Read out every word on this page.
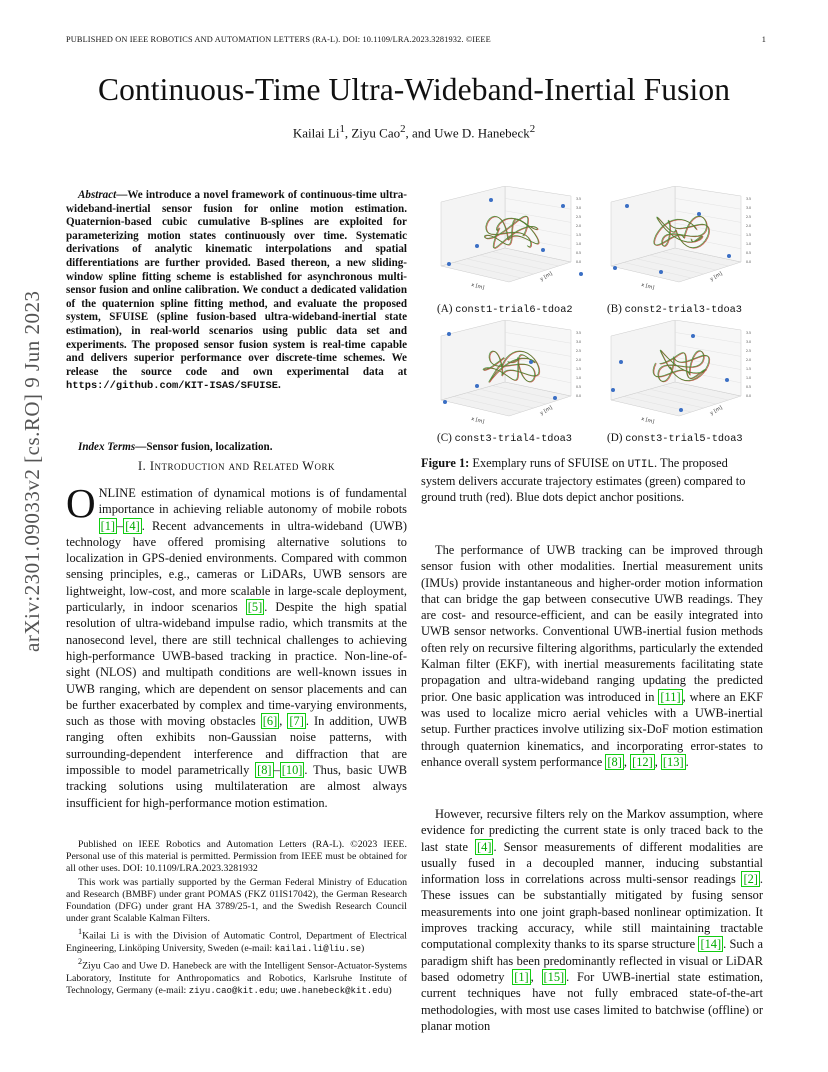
PUBLISHED ON IEEE ROBOTICS AND AUTOMATION LETTERS (RA-L). DOI: 10.1109/LRA.2023.3281932. ©IEEE	1
Continuous-Time Ultra-Wideband-Inertial Fusion
Kailai Li$^1$, Ziyu Cao$^2$, and Uwe D. Hanebeck$^2$
arXiv:2301.09033v2 [cs.RO] 9 Jun 2023
Abstract—We introduce a novel framework of continuous-time ultra-wideband-inertial sensor fusion for online motion estimation. Quaternion-based cubic cumulative B-splines are exploited for parameterizing motion states continuously over time. Systematic derivations of analytic kinematic interpolations and spatial differentiations are further provided. Based thereon, a new sliding-window spline fitting scheme is established for asynchronous multi-sensor fusion and online calibration. We conduct a dedicated validation of the quaternion spline fitting method, and evaluate the proposed system, SFUISE (spline fusion-based ultra-wideband-inertial state estimation), in real-world scenarios using public data set and experiments. The proposed sensor fusion system is real-time capable and delivers superior performance over discrete-time schemes. We release the source code and own experimental data at https://github.com/KIT-ISAS/SFUISE.
Index Terms—Sensor fusion, localization.
I. Introduction and Related Work
ONLINE estimation of dynamical motions is of fundamental importance in achieving reliable autonomy of mobile robots [1] – [4] . Recent advancements in ultra-wideband (UWB) technology have offered promising alternative solutions to localization in GPS-denied environments. Compared with common sensing principles, e.g., cameras or LiDARs, UWB sensors are lightweight, low-cost, and more scalable in large-scale deployment, particularly, in indoor scenarios [5] . Despite the high spatial resolution of ultra-wideband impulse radio, which transmits at the nanosecond level, there are still technical challenges to achieving high-performance UWB-based tracking in practice. Non-line-of-sight (NLOS) and multipath conditions are well-known issues in UWB ranging, which are dependent on sensor placements and can be further exacerbated by complex and time-varying environments, such as those with moving obstacles [6] , [7] . In addition, UWB ranging often exhibits non-Gaussian noise patterns, with surrounding-dependent interference and diffraction that are impossible to model parametrically [8] – [10] . Thus, basic UWB tracking solutions using multilateration are almost always insufficient for high-performance motion estimation.

Published on IEEE Robotics and Automation Letters (RA-L). ©2023 IEEE. Personal use of this material is permitted. Permission from IEEE must be obtained for all other uses. DOI: 10.1109/LRA.2023.3281932

This work was partially supported by the German Federal Ministry of Education and Research (BMBF) under grant POMAS (FKZ 01IS17042), the German Research Foundation (DFG) under grant HA 3789/25-1, and the Swedish Research Council under grant Scalable Kalman Filters.

$^1$Kailai Li is with the Division of Automatic Control, Department of Electrical Engineering, Linköping University, Sweden (e-mail: kailai.li@liu.se)

$^2$Ziyu Cao and Uwe D. Hanebeck are with the Intelligent Sensor-Actuator-Systems Laboratory, Institute for Anthropomatics and Robotics, Karlsruhe Institute of Technology, Germany (e-mail: ziyu.cao@kit.edu; uwe.hanebeck@kit.edu)

3.5
3.0
2.5
2.0
1.5
1.0
0.5
0.0
x [m]
y [m]
3.5
3.0
2.5
2.0
1.5
1.0
0.5
0.0
x [m]
y [m]
3.5
3.0
2.5
2.0
1.5
1.0
0.5
0.0
x [m]
y [m]
3.5
3.0
2.5
2.0
1.5
1.0
0.5
0.0
x [m]
y [m]
(A) const1-trial6-tdoa2	(B) const2-trial3-tdoa3
(C) const3-trial4-tdoa3	(D) const3-trial5-tdoa3
Figure 1: Exemplary runs of SFUISE on UTIL. The proposed system delivers accurate trajectory estimates (green) compared to ground truth (red). Blue dots depict anchor positions.
The performance of UWB tracking can be improved through sensor fusion with other modalities. Inertial measurement units (IMUs) provide instantaneous and higher-order motion information that can bridge the gap between consecutive UWB readings. They are cost- and resource-efficient, and can be easily integrated into UWB sensor networks. Conventional UWB-inertial fusion methods often rely on recursive filtering algorithms, particularly the extended Kalman filter (EKF), with inertial measurements facilitating state propagation and ultra-wideband ranging updating the predicted prior. One basic application was introduced in [11] , where an EKF was used to localize micro aerial vehicles with a UWB-inertial setup. Further practices involve utilizing six-DoF motion estimation through quaternion kinematics, and incorporating error-states to enhance overall system performance [8] , [12] , [13] .
However, recursive filters rely on the Markov assumption, where evidence for predicting the current state is only traced back to the last state [4] . Sensor measurements of different modalities are usually fused in a decoupled manner, inducing substantial information loss in correlations across multi-sensor readings [2] . These issues can be substantially mitigated by fusing sensor measurements into one joint graph-based nonlinear optimization. It improves tracking accuracy, while still maintaining tractable computational complexity thanks to its sparse structure [14] . Such a paradigm shift has been predominantly reflected in visual or LiDAR based odometry [1] , [15] . For UWB-inertial state estimation, current techniques have not fully embraced state-of-the-art methodologies, with most use cases limited to batchwise (offline) or planar motion
